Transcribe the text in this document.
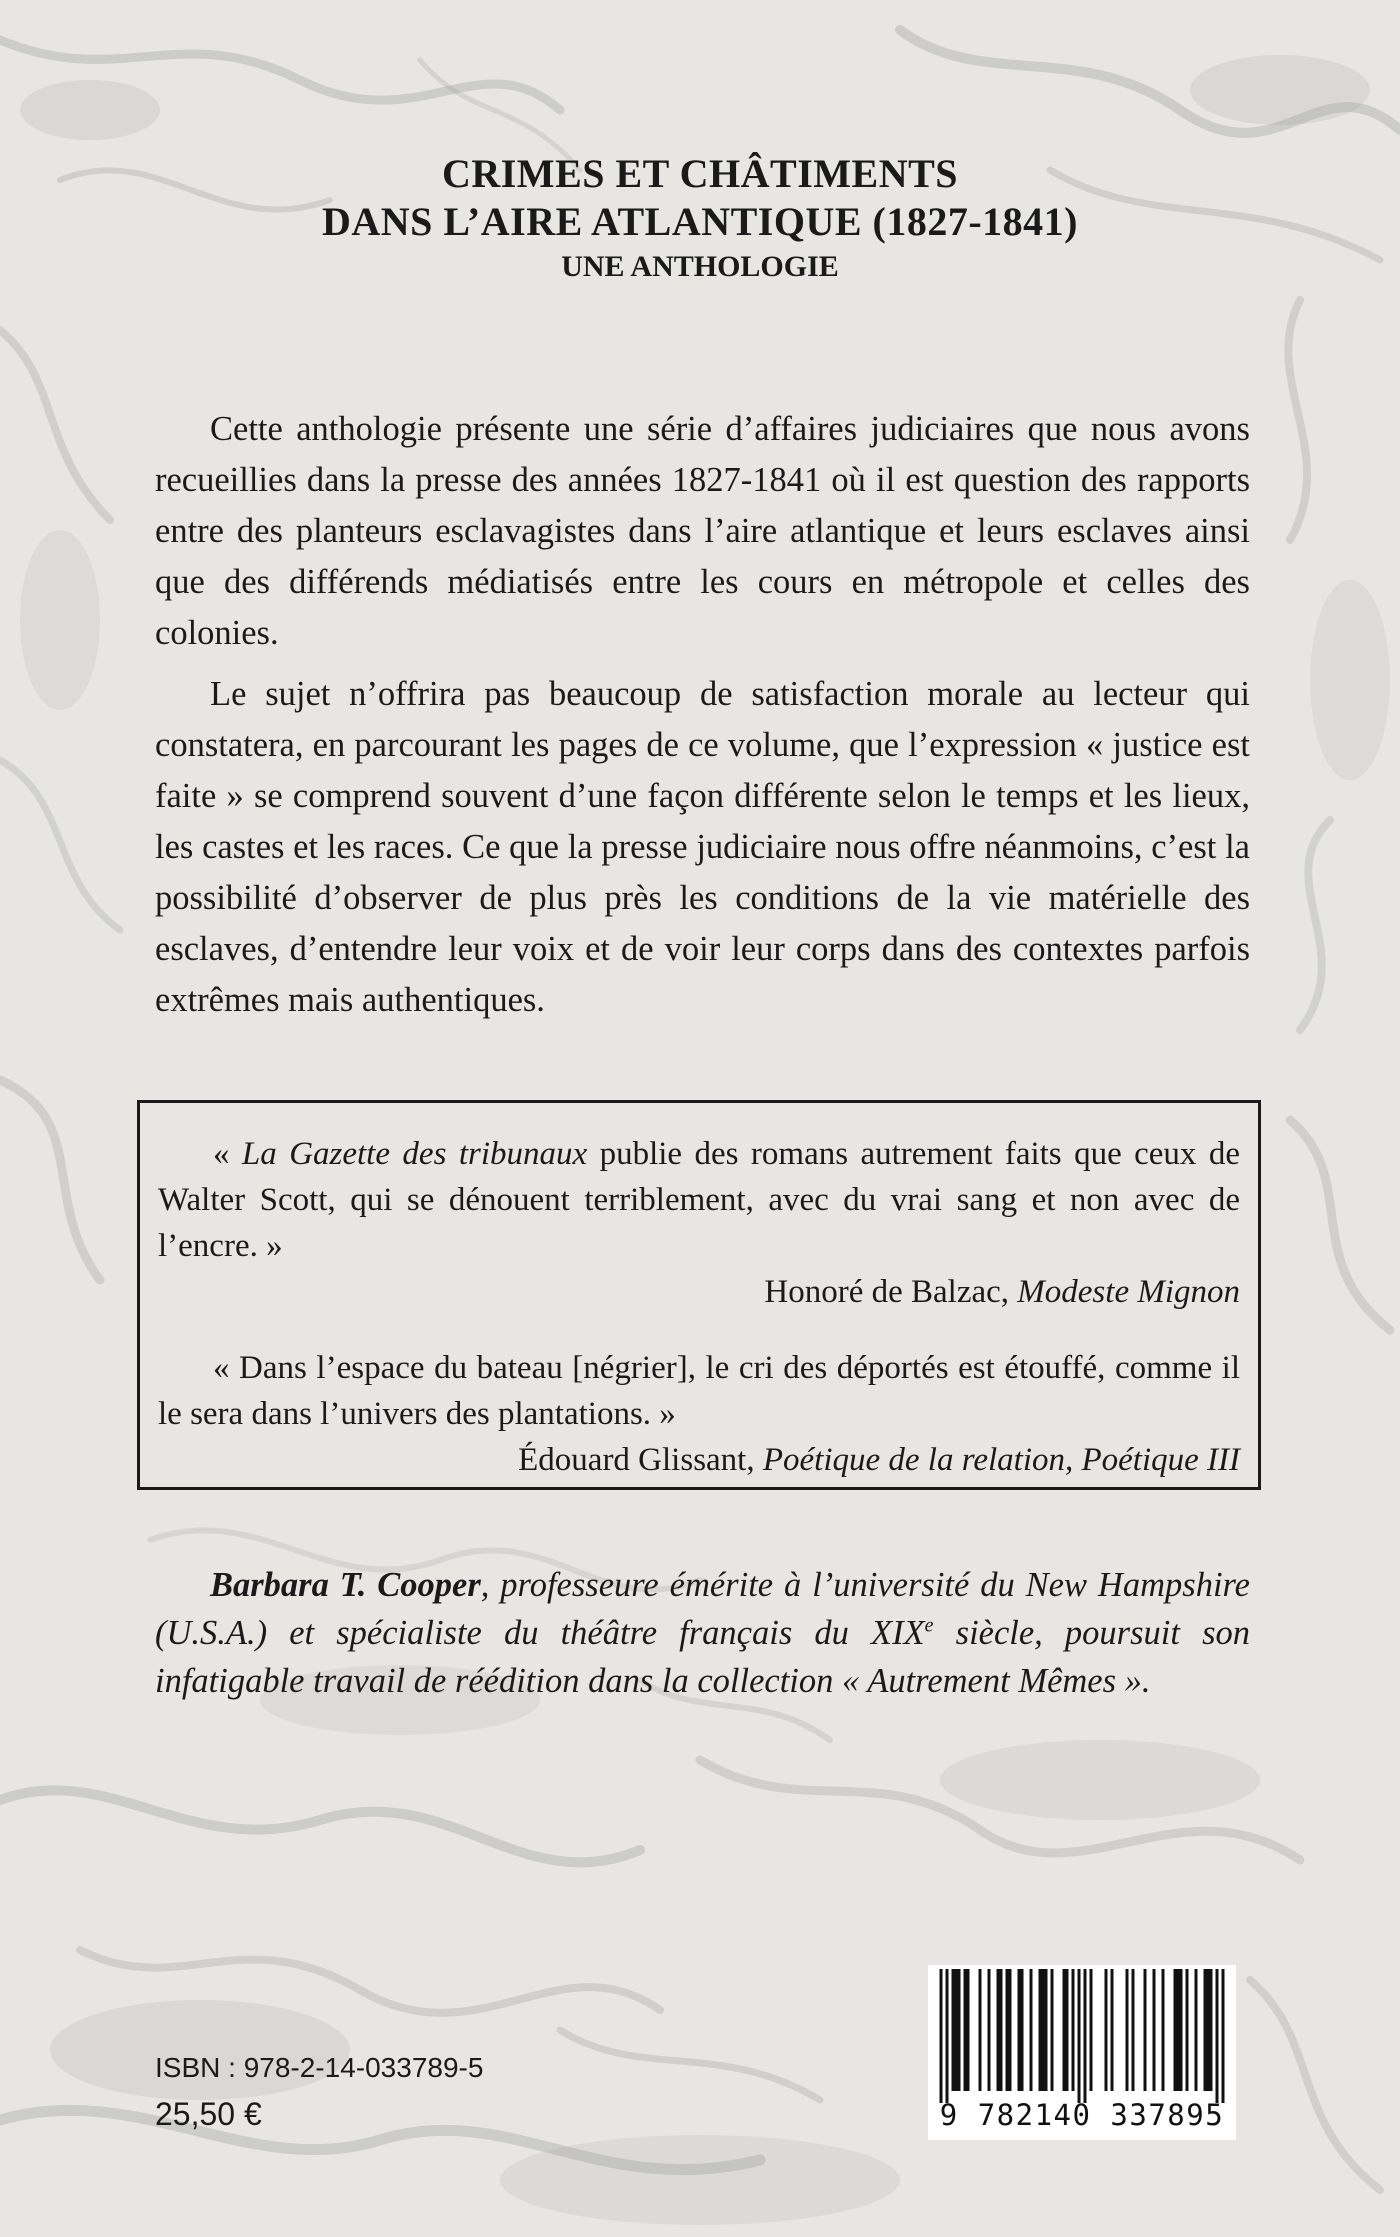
CRIMES ET CHÂTIMENTS
DANS L’AIRE ATLANTIQUE (1827-1841)
UNE ANTHOLOGIE

Cette anthologie présente une série d’affaires judiciaires que nous avons recueillies dans la presse des années 1827-1841 où il est question des rapports entre des planteurs esclavagistes dans l’aire atlantique et leurs esclaves ainsi que des différends médiatisés entre les cours en métropole et celles des colonies.

Le sujet n’offrira pas beaucoup de satisfaction morale au lecteur qui constatera, en parcourant les pages de ce volume, que l’expression « justice est faite » se comprend souvent d’une façon différente selon le temps et les lieux, les castes et les races. Ce que la presse judiciaire nous offre néanmoins, c’est la possibilité d’observer de plus près les conditions de la vie matérielle des esclaves, d’entendre leur voix et de voir leur corps dans des contextes parfois extrêmes mais authentiques.

« La Gazette des tribunaux publie des romans autrement faits que ceux de Walter Scott, qui se dénouent terriblement, avec du vrai sang et non avec de l’encre. »
Honoré de Balzac, Modeste Mignon
« Dans l’espace du bateau [négrier], le cri des déportés est étouffé, comme il le sera dans l’univers des plantations. »
Édouard Glissant, Poétique de la relation, Poétique III
Barbara T. Cooper, professeure émérite à l’université du New Hampshire (U.S.A.) et spécialiste du théâtre français du XIXe siècle, poursuit son infatigable travail de réédition dans la collection « Autrement Mêmes ».
ISBN : 978-2-14-033789-5
25,50 €	9 782140 337895
